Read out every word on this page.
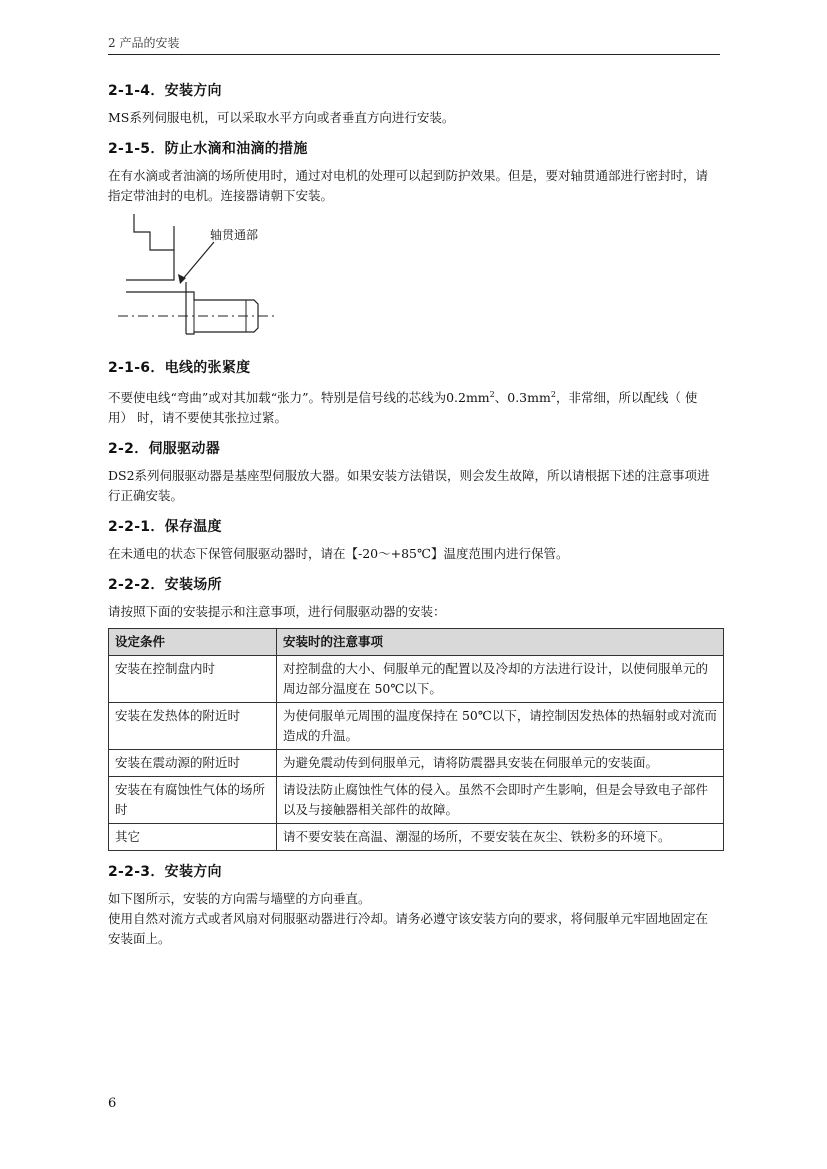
2 产品的安装
2-1-4．安装方向

MS系列伺服电机，可以采取水平方向或者垂直方向进行安装。

2-1-5．防止水滴和油滴的措施

在有水滴或者油滴的场所使用时，通过对电机的处理可以起到防护效果。但是，要对轴贯通部进行密封时，请指定带油封的电机。连接器请朝下安装。

轴贯通部
2-1-6．电线的张紧度

不要使电线“弯曲”或对其加载“张力”。特别是信号线的芯线为$0.2mm^2$、$0.3mm^2$，非常细，所以配线（ 使用） 时，请不要使其张拉过紧。

2-2．伺服驱动器

DS2系列伺服驱动器是基座型伺服放大器。如果安装方法错误，则会发生故障，所以请根据下述的注意事项进行正确安装。

2-2-1．保存温度

在未通电的状态下保管伺服驱动器时，请在【-20～+85℃】温度范围内进行保管。

2-2-2．安装场所

请按照下面的安装提示和注意事项，进行伺服驱动器的安装：

设定条件	安装时的注意事项
安装在控制盘内时	对控制盘的大小、伺服单元的配置以及冷却的方法进行设计，以使伺服单元的周边部分温度在 50℃以下。
安装在发热体的附近时	为使伺服单元周围的温度保持在 50℃以下，请控制因发热体的热辐射或对流而造成的升温。
安装在震动源的附近时	为避免震动传到伺服单元，请将防震器具安装在伺服单元的安装面。
安装在有腐蚀性气体的场所时	请设法防止腐蚀性气体的侵入。虽然不会即时产生影响，但是会导致电子部件以及与接触器相关部件的故障。
其它	请不要安装在高温、潮湿的场所，不要安装在灰尘、铁粉多的环境下。
2-2-3．安装方向

如下图所示，安装的方向需与墙壁的方向垂直。

使用自然对流方式或者风扇对伺服驱动器进行冷却。请务必遵守该安装方向的要求，将伺服单元牢固地固定在安装面上。

6
